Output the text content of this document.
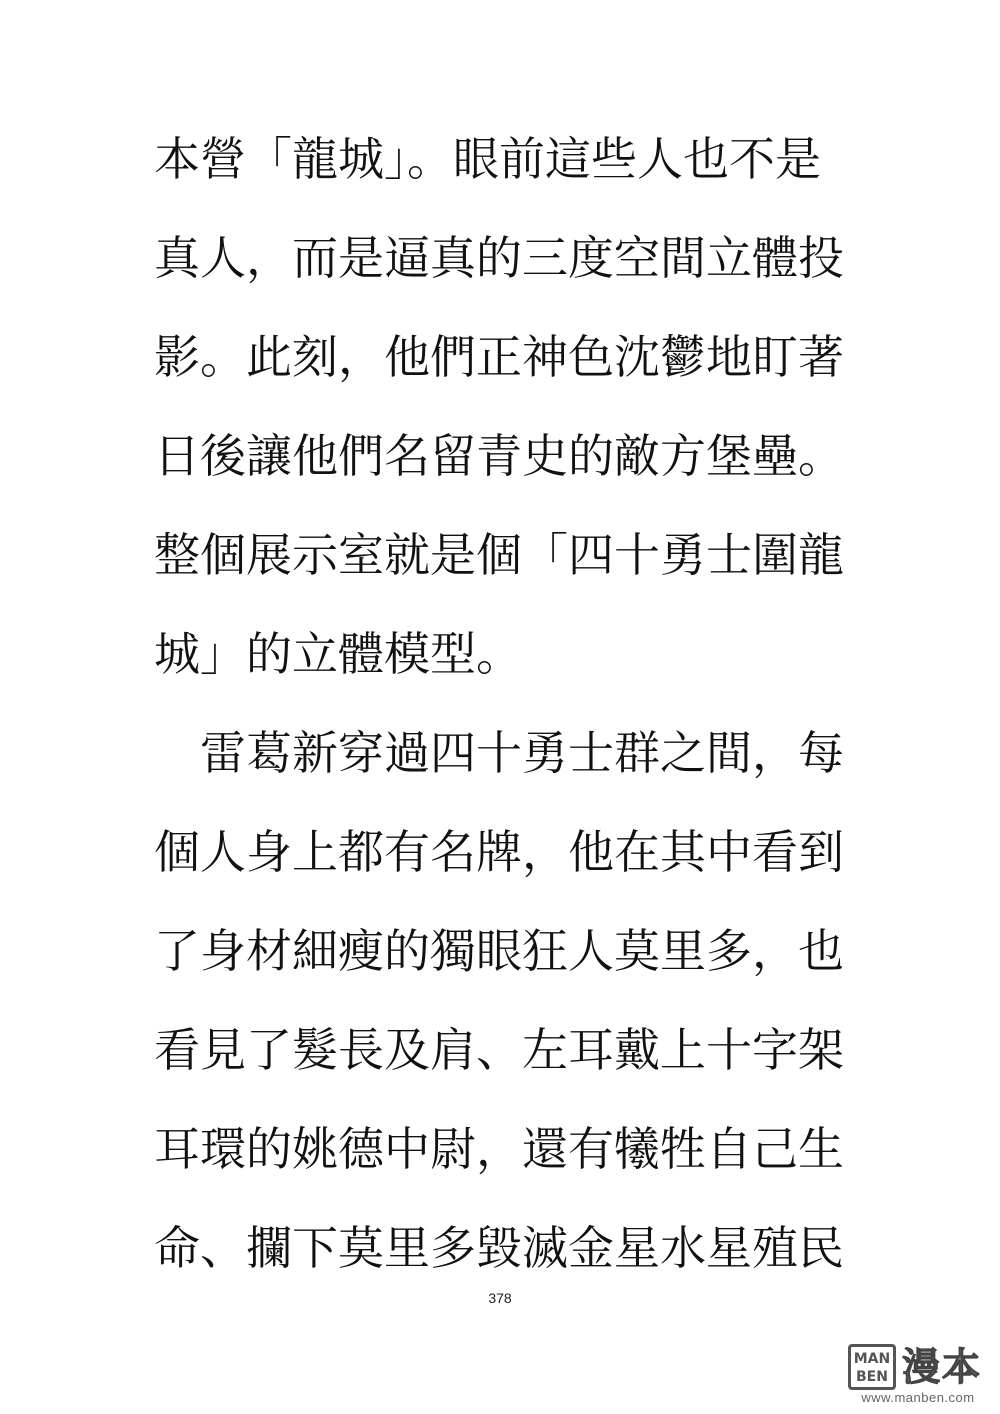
本營「龍城」。眼前這些人也不是
真人，而是逼真的三度空間立體投
影。此刻，他們正神色沈鬱地盯著
日後讓他們名留青史的敵方堡壘。
整個展示室就是個「四十勇士圍龍
城」的立體模型。
　雷葛新穿過四十勇士群之間，每
個人身上都有名牌，他在其中看到
了身材細瘦的獨眼狂人莫里多，也
看見了髮長及肩、左耳戴上十字架
耳環的姚德中尉，還有犧牲自己生
命、攔下莫里多毀滅金星水星殖民
378
MAN
BEN 漫本
www.manben.com
